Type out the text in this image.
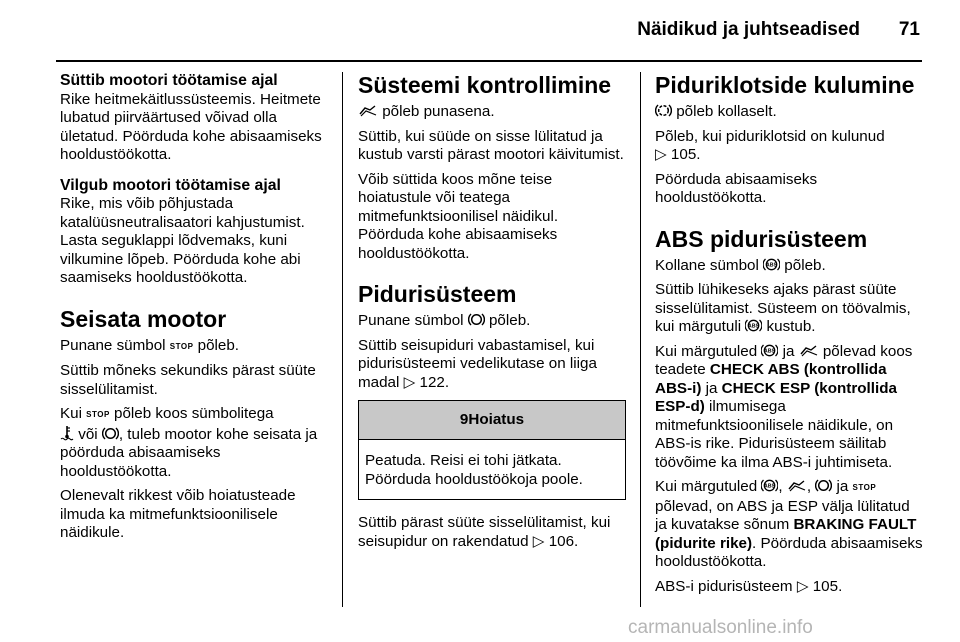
Näidikud ja juhtseadised	71
Süttib mootori töötamise ajal

Rike heitmekäitlussüsteemis. Heitmete lubatud piirväärtused võivad olla ületatud. Pöörduda kohe abisaamiseks hooldustöökotta.

Vilgub mootori töötamise ajal

Rike, mis võib põhjustada katalüüsneutralisaatori kahjustumist. Lasta seguklappi lõdvemaks, kuni vilkumine lõpeb. Pöörduda kohe abi saamiseks hooldustöökotta.

Seisata mootor

Punane sümbol STOP põleb.

Süttib mõneks sekundiks pärast süüte sisselülitamist.

Kui STOP põleb koos sümbolitega
või , tuleb mootor kohe seisata ja pöörduda abisaamiseks hooldustöökotta.

Olenevalt rikkest võib hoiatusteade ilmuda ka mitmefunktsioonilisele näidikule.

Süsteemi kontrollimine

põleb punasena.

Süttib, kui süüde on sisse lülitatud ja kustub varsti pärast mootori käivitumist.

Võib süttida koos mõne teise hoiatustule või teatega mitmefunktsioonilisel näidikul. Pöörduda kohe abisaamiseks hooldustöökotta.

Pidurisüsteem

Punane sümbol  põleb.

Süttib seisupiduri vabastamisel, kui pidurisüsteemi vedelikutase on liiga madal ▷ 122.

9Hoiatus
Peatuda. Reisi ei tohi jätkata. Pöörduda hooldustöökoja poole.

Süttib pärast süüte sisselülitamist, kui seisupidur on rakendatud ▷ 106.

Piduriklotside kulumine

põleb kollaselt.

Põleb, kui piduriklotsid on kulunud
▷ 105.

Pöörduda abisaamiseks hooldustöökotta.

ABS pidurisüsteem

Kollane sümbol ABS põleb.

Süttib lühikeseks ajaks pärast süüte sisselülitamist. Süsteem on töövalmis, kui märgutuli ABS kustub.

Kui märgutuled ABS ja  põlevad koos teadete CHECK ABS (kontrollida ABS-i) ja CHECK ESP (kontrollida ESP-d) ilmumisega mitmefunktsioonilisele näidikule, on ABS-is rike. Pidurisüsteem säilitab töövõime ka ilma ABS-i juhtimiseta.

Kui märgutuled ABS , ,  ja STOP põlevad, on ABS ja ESP välja lülitatud ja kuvatakse sõnum BRAKING FAULT (pidurite rike). Pöörduda abisaamiseks hooldustöökotta.

ABS-i pidurisüsteem ▷ 105.

carmanualsonline.info
